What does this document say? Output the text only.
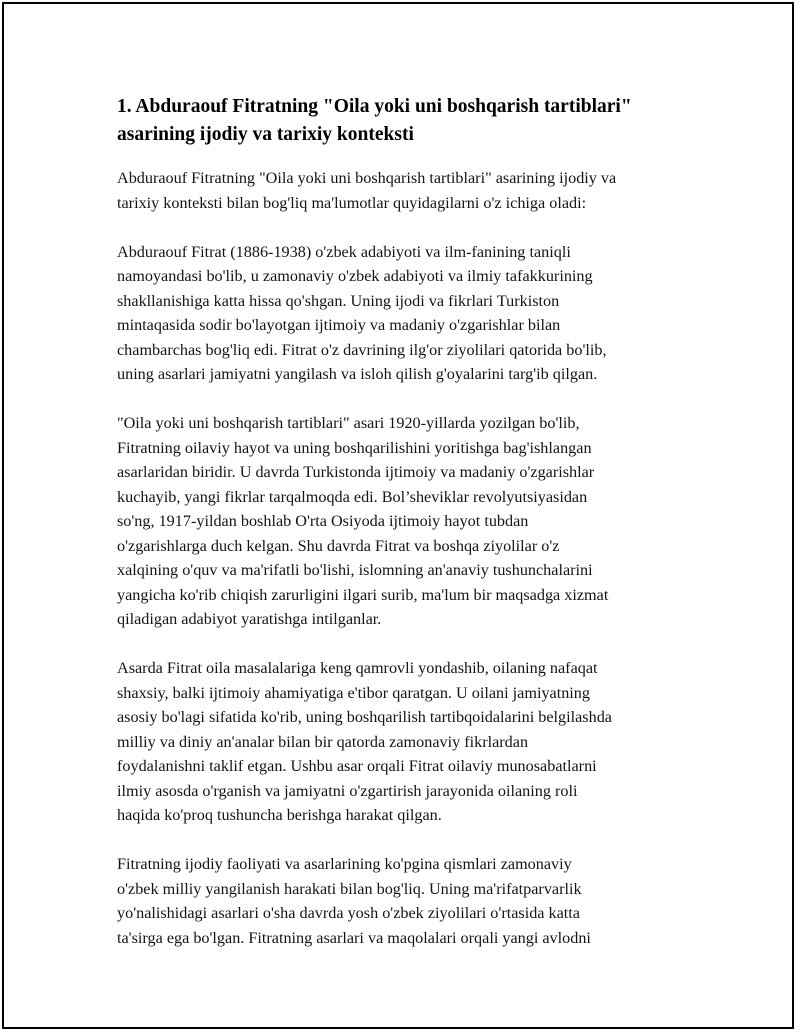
1. Abduraouf Fitratning "Oila yoki uni boshqarish tartiblari"
asarining ijodiy va tarixiy konteksti

Abduraouf Fitratning "Oila yoki uni boshqarish tartiblari" asarining ijodiy va
tarixiy konteksti bilan bog'liq ma'lumotlar quyidagilarni o'z ichiga oladi:

Abduraouf Fitrat (1886-1938) o'zbek adabiyoti va ilm-fanining taniqli
namoyandasi bo'lib, u zamonaviy o'zbek adabiyoti va ilmiy tafakkurining
shakllanishiga katta hissa qo'shgan. Uning ijodi va fikrlari Turkiston
mintaqasida sodir bo'layotgan ijtimoiy va madaniy o'zgarishlar bilan
chambarchas bog'liq edi. Fitrat o'z davrining ilg'or ziyolilari qatorida bo'lib,
uning asarlari jamiyatni yangilash va isloh qilish g'oyalarini targ'ib qilgan.

"Oila yoki uni boshqarish tartiblari" asari 1920-yillarda yozilgan bo'lib,
Fitratning oilaviy hayot va uning boshqarilishini yoritishga bag'ishlangan
asarlaridan biridir. U davrda Turkistonda ijtimoiy va madaniy o'zgarishlar
kuchayib, yangi fikrlar tarqalmoqda edi. Bol’sheviklar revolyutsiyasidan
so'ng, 1917-yildan boshlab O'rta Osiyoda ijtimoiy hayot tubdan
o'zgarishlarga duch kelgan. Shu davrda Fitrat va boshqa ziyolilar o'z
xalqining o'quv va ma'rifatli bo'lishi, islomning an'anaviy tushunchalarini
yangicha ko'rib chiqish zarurligini ilgari surib, ma'lum bir maqsadga xizmat
qiladigan adabiyot yaratishga intilganlar.

Asarda Fitrat oila masalalariga keng qamrovli yondashib, oilaning nafaqat
shaxsiy, balki ijtimoiy ahamiyatiga e'tibor qaratgan. U oilani jamiyatning
asosiy bo'lagi sifatida ko'rib, uning boshqarilish tartibqoidalarini belgilashda
milliy va diniy an'analar bilan bir qatorda zamonaviy fikrlardan
foydalanishni taklif etgan. Ushbu asar orqali Fitrat oilaviy munosabatlarni
ilmiy asosda o'rganish va jamiyatni o'zgartirish jarayonida oilaning roli
haqida ko'proq tushuncha berishga harakat qilgan.

Fitratning ijodiy faoliyati va asarlarining ko'pgina qismlari zamonaviy
o'zbek milliy yangilanish harakati bilan bog'liq. Uning ma'rifatparvarlik
yo'nalishidagi asarlari o'sha davrda yosh o'zbek ziyolilari o'rtasida katta
ta'sirga ega bo'lgan. Fitratning asarlari va maqolalari orqali yangi avlodni
